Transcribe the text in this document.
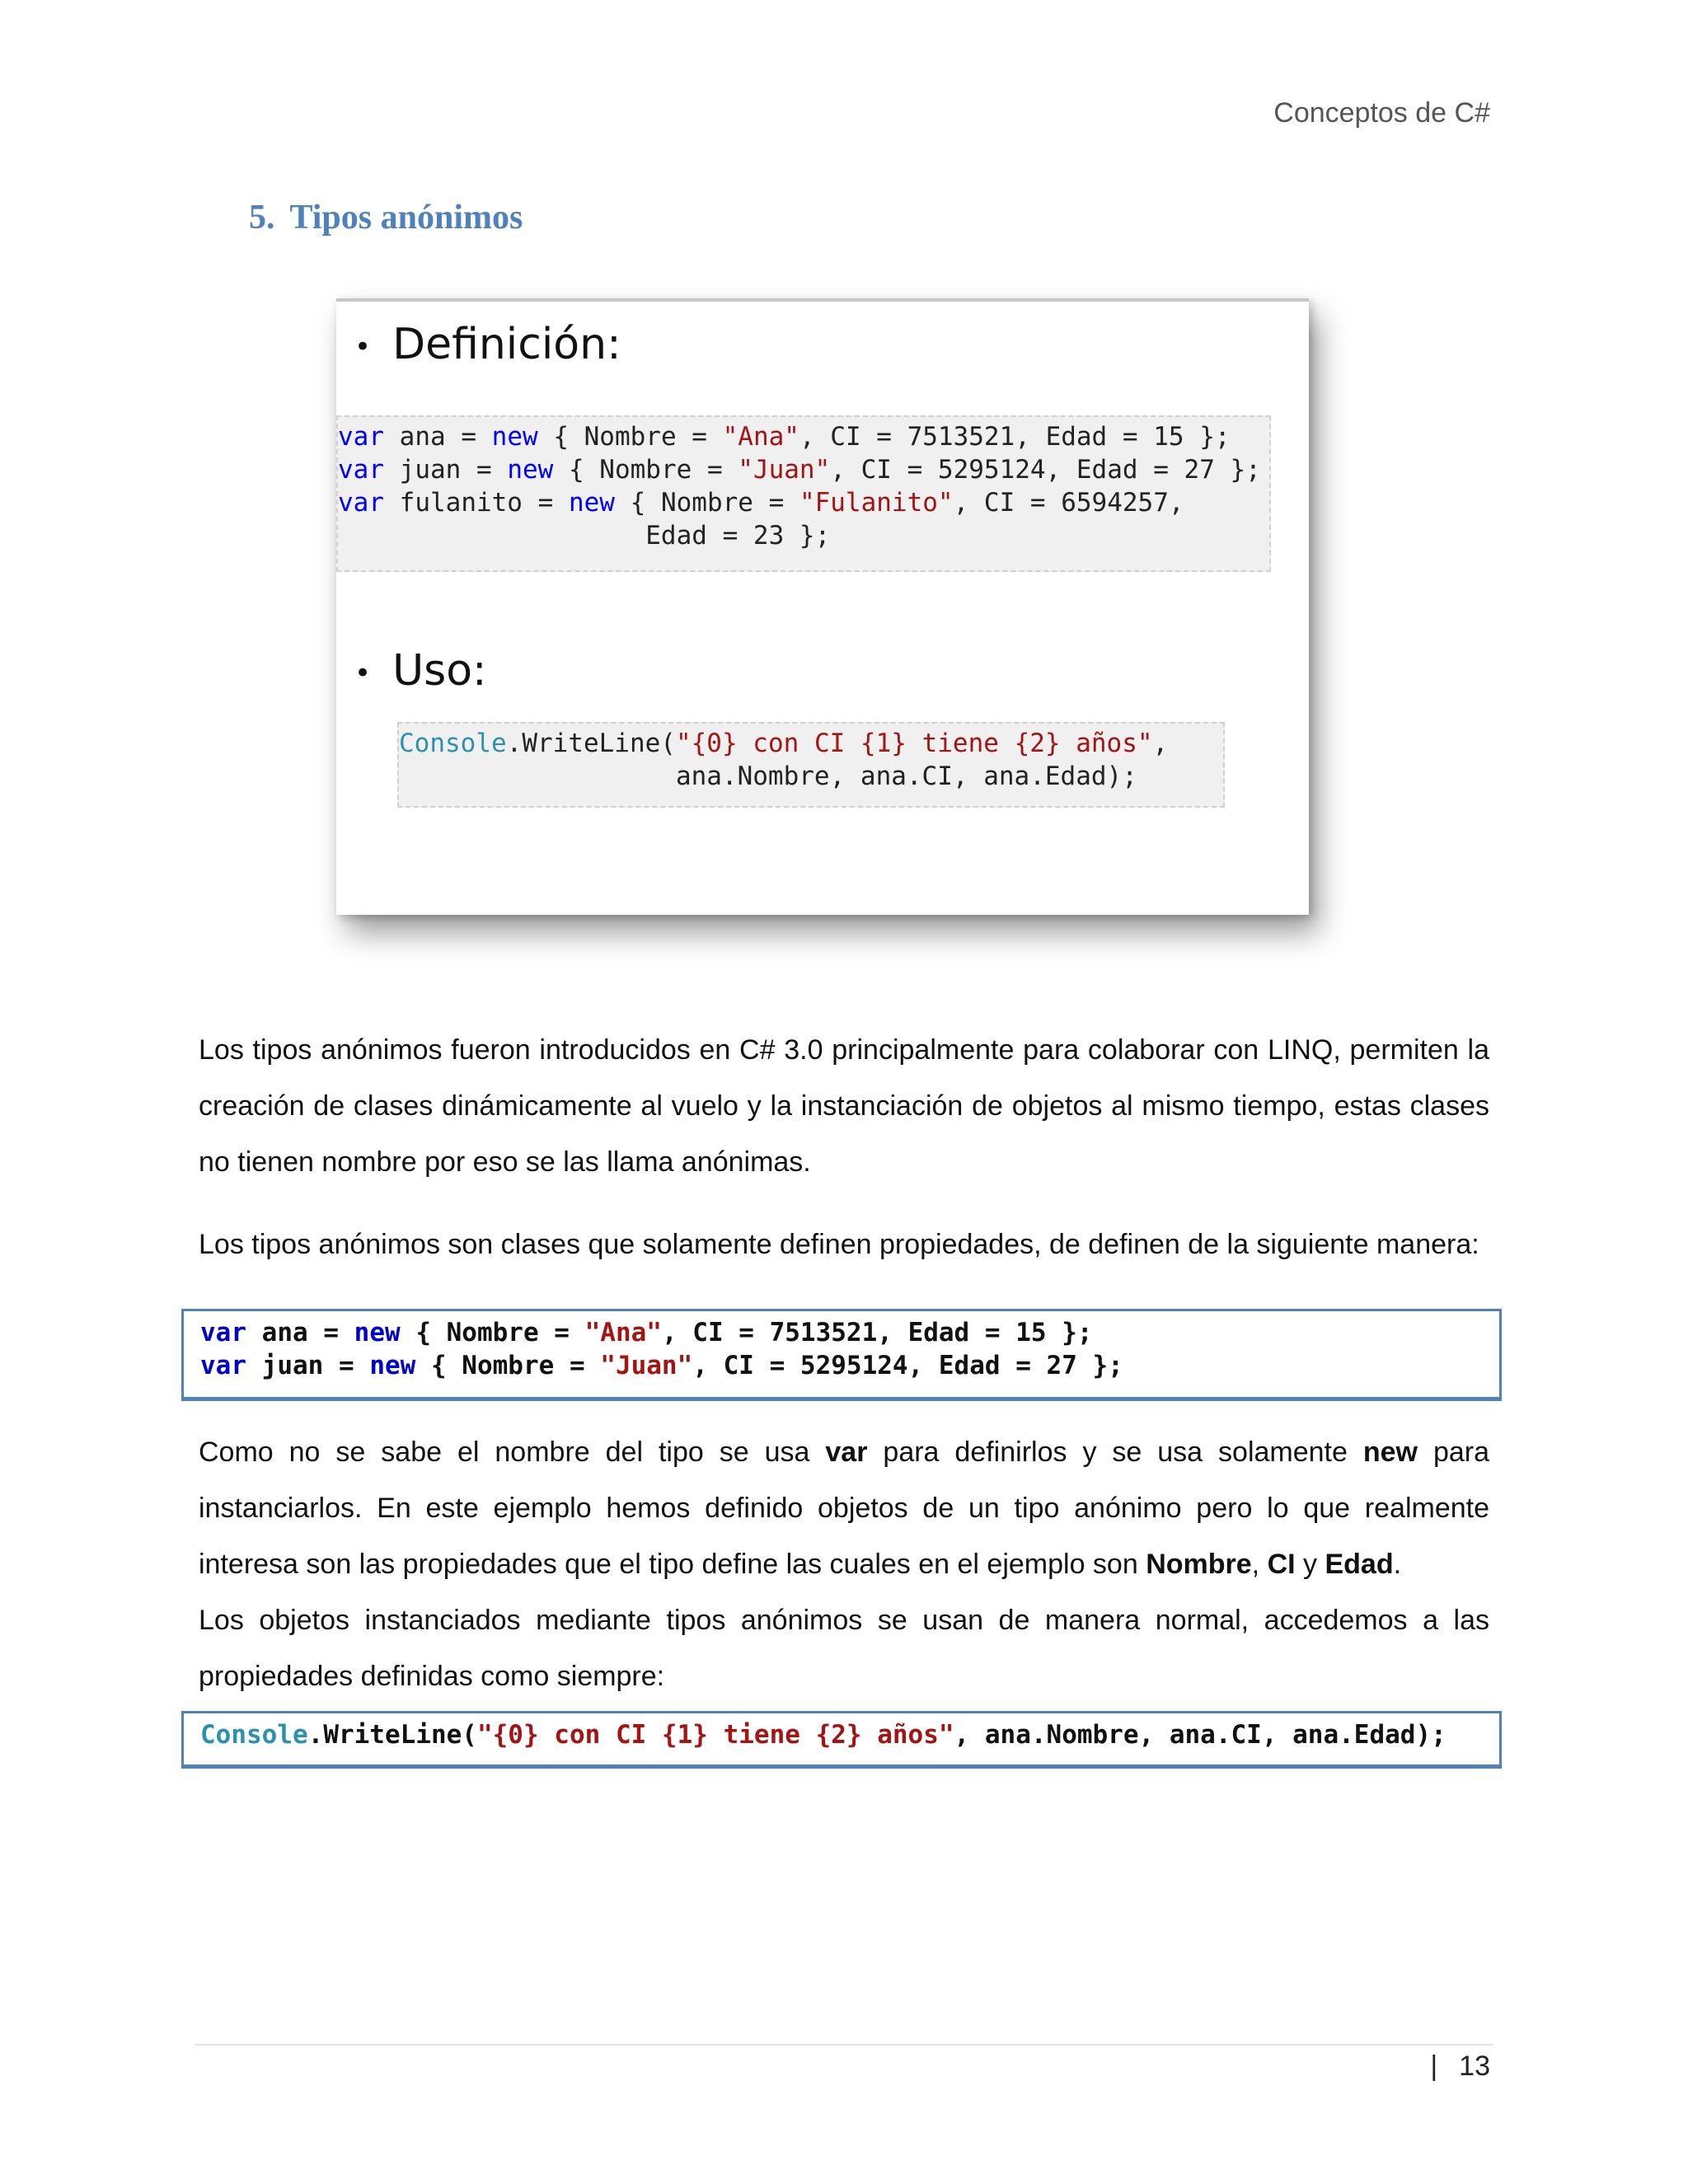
Conceptos de C#
5. Tipos anónimos
• Definición:
var ana = new { Nombre = "Ana", CI = 7513521, Edad = 15 };
var juan = new { Nombre = "Juan", CI = 5295124, Edad = 27 };
var fulanito = new { Nombre = "Fulanito", CI = 6594257,
Edad = 23 };
• Uso:
Console.WriteLine("{0} con CI {1} tiene {2} años",
ana.Nombre, ana.CI, ana.Edad);
Los tipos anónimos fueron introducidos en C# 3.0 principalmente para colaborar con LINQ, permiten la creación de clases dinámicamente al vuelo y la instanciación de objetos al mismo tiempo, estas clases no tienen nombre por eso se las llama anónimas.
Los tipos anónimos son clases que solamente definen propiedades, de definen de la siguiente manera:
var ana = new { Nombre = "Ana", CI = 7513521, Edad = 15 };
var juan = new { Nombre = "Juan", CI = 5295124, Edad = 27 };
Como no se sabe el nombre del tipo se usa var para definirlos y se usa solamente new para instanciarlos. En este ejemplo hemos definido objetos de un tipo anónimo pero lo que realmente interesa son las propiedades que el tipo define las cuales en el ejemplo son Nombre, CI y Edad.
Los objetos instanciados mediante tipos anónimos se usan de manera normal, accedemos a las propiedades definidas como siempre:
Console.WriteLine("{0} con CI {1} tiene {2} años", ana.Nombre, ana.CI, ana.Edad);
| 13
